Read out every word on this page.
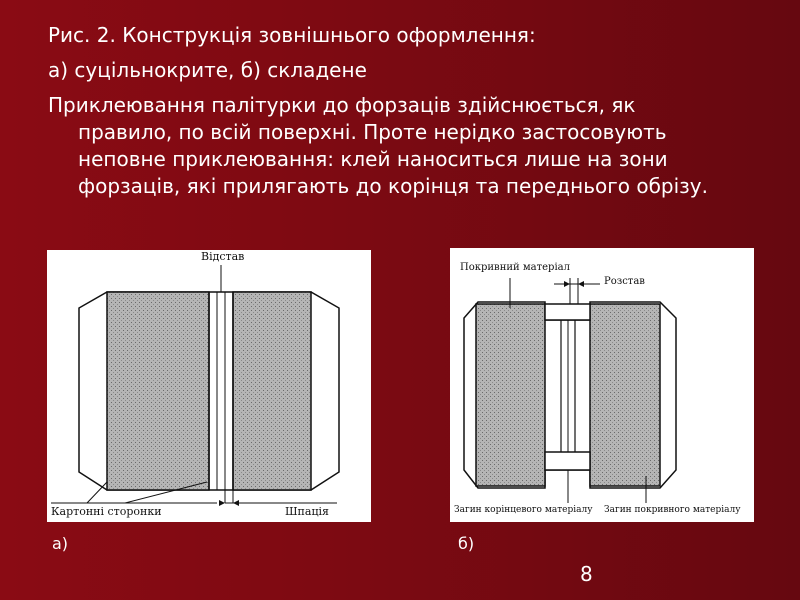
Рис. 2. Конструкція зовнішнього оформлення:
а) суцільнокрите, б) складене
Приклеювання палітурки до форзаців здійснюється, як
правило, по всій поверхні. Проте нерідко застосовують неповне приклеювання: клей наноситься лише на зони форзаців, які прилягають до корінця та переднього обрізу.
Відстав
Картонні сторонки	Шпація
Покривний матеріал
Розстав
Загин корінцевого матеріалу Загин покривного матеріалу
а)	б)
8
